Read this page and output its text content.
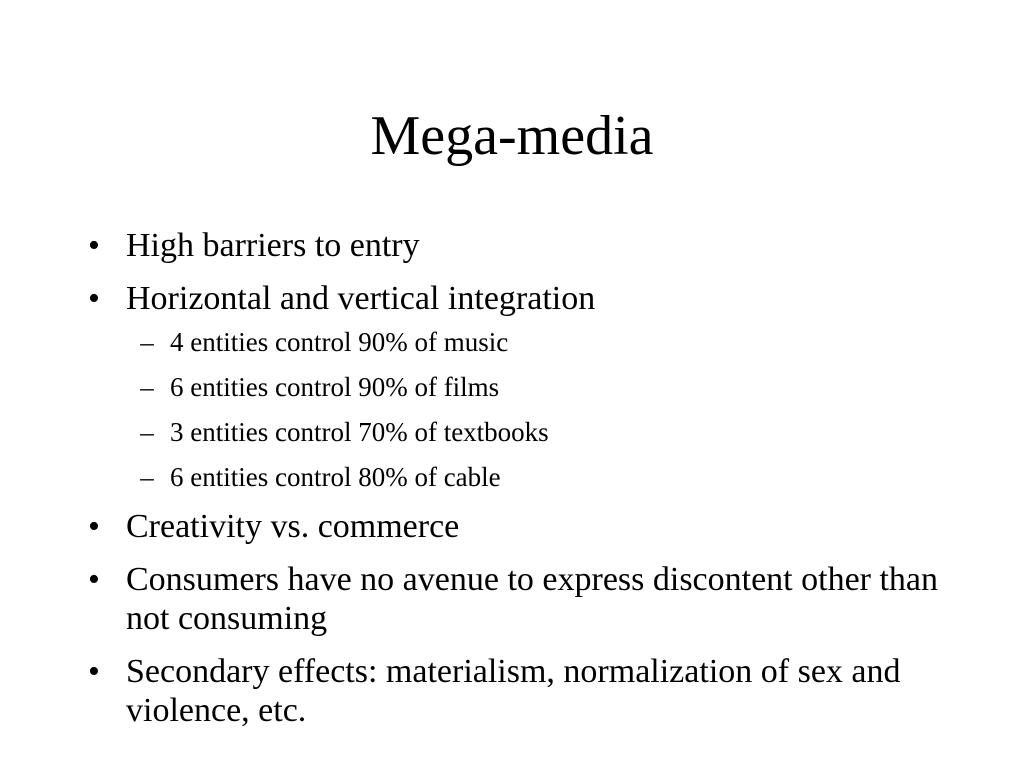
Mega-media
• High barriers to entry
• Horizontal and vertical integration
– 4 entities control 90% of music
– 6 entities control 90% of films
– 3 entities control 70% of textbooks
– 6 entities control 80% of cable
• Creativity vs. commerce
• Consumers have no avenue to express discontent other than not consuming
• Secondary effects: materialism, normalization of sex and violence, etc.
